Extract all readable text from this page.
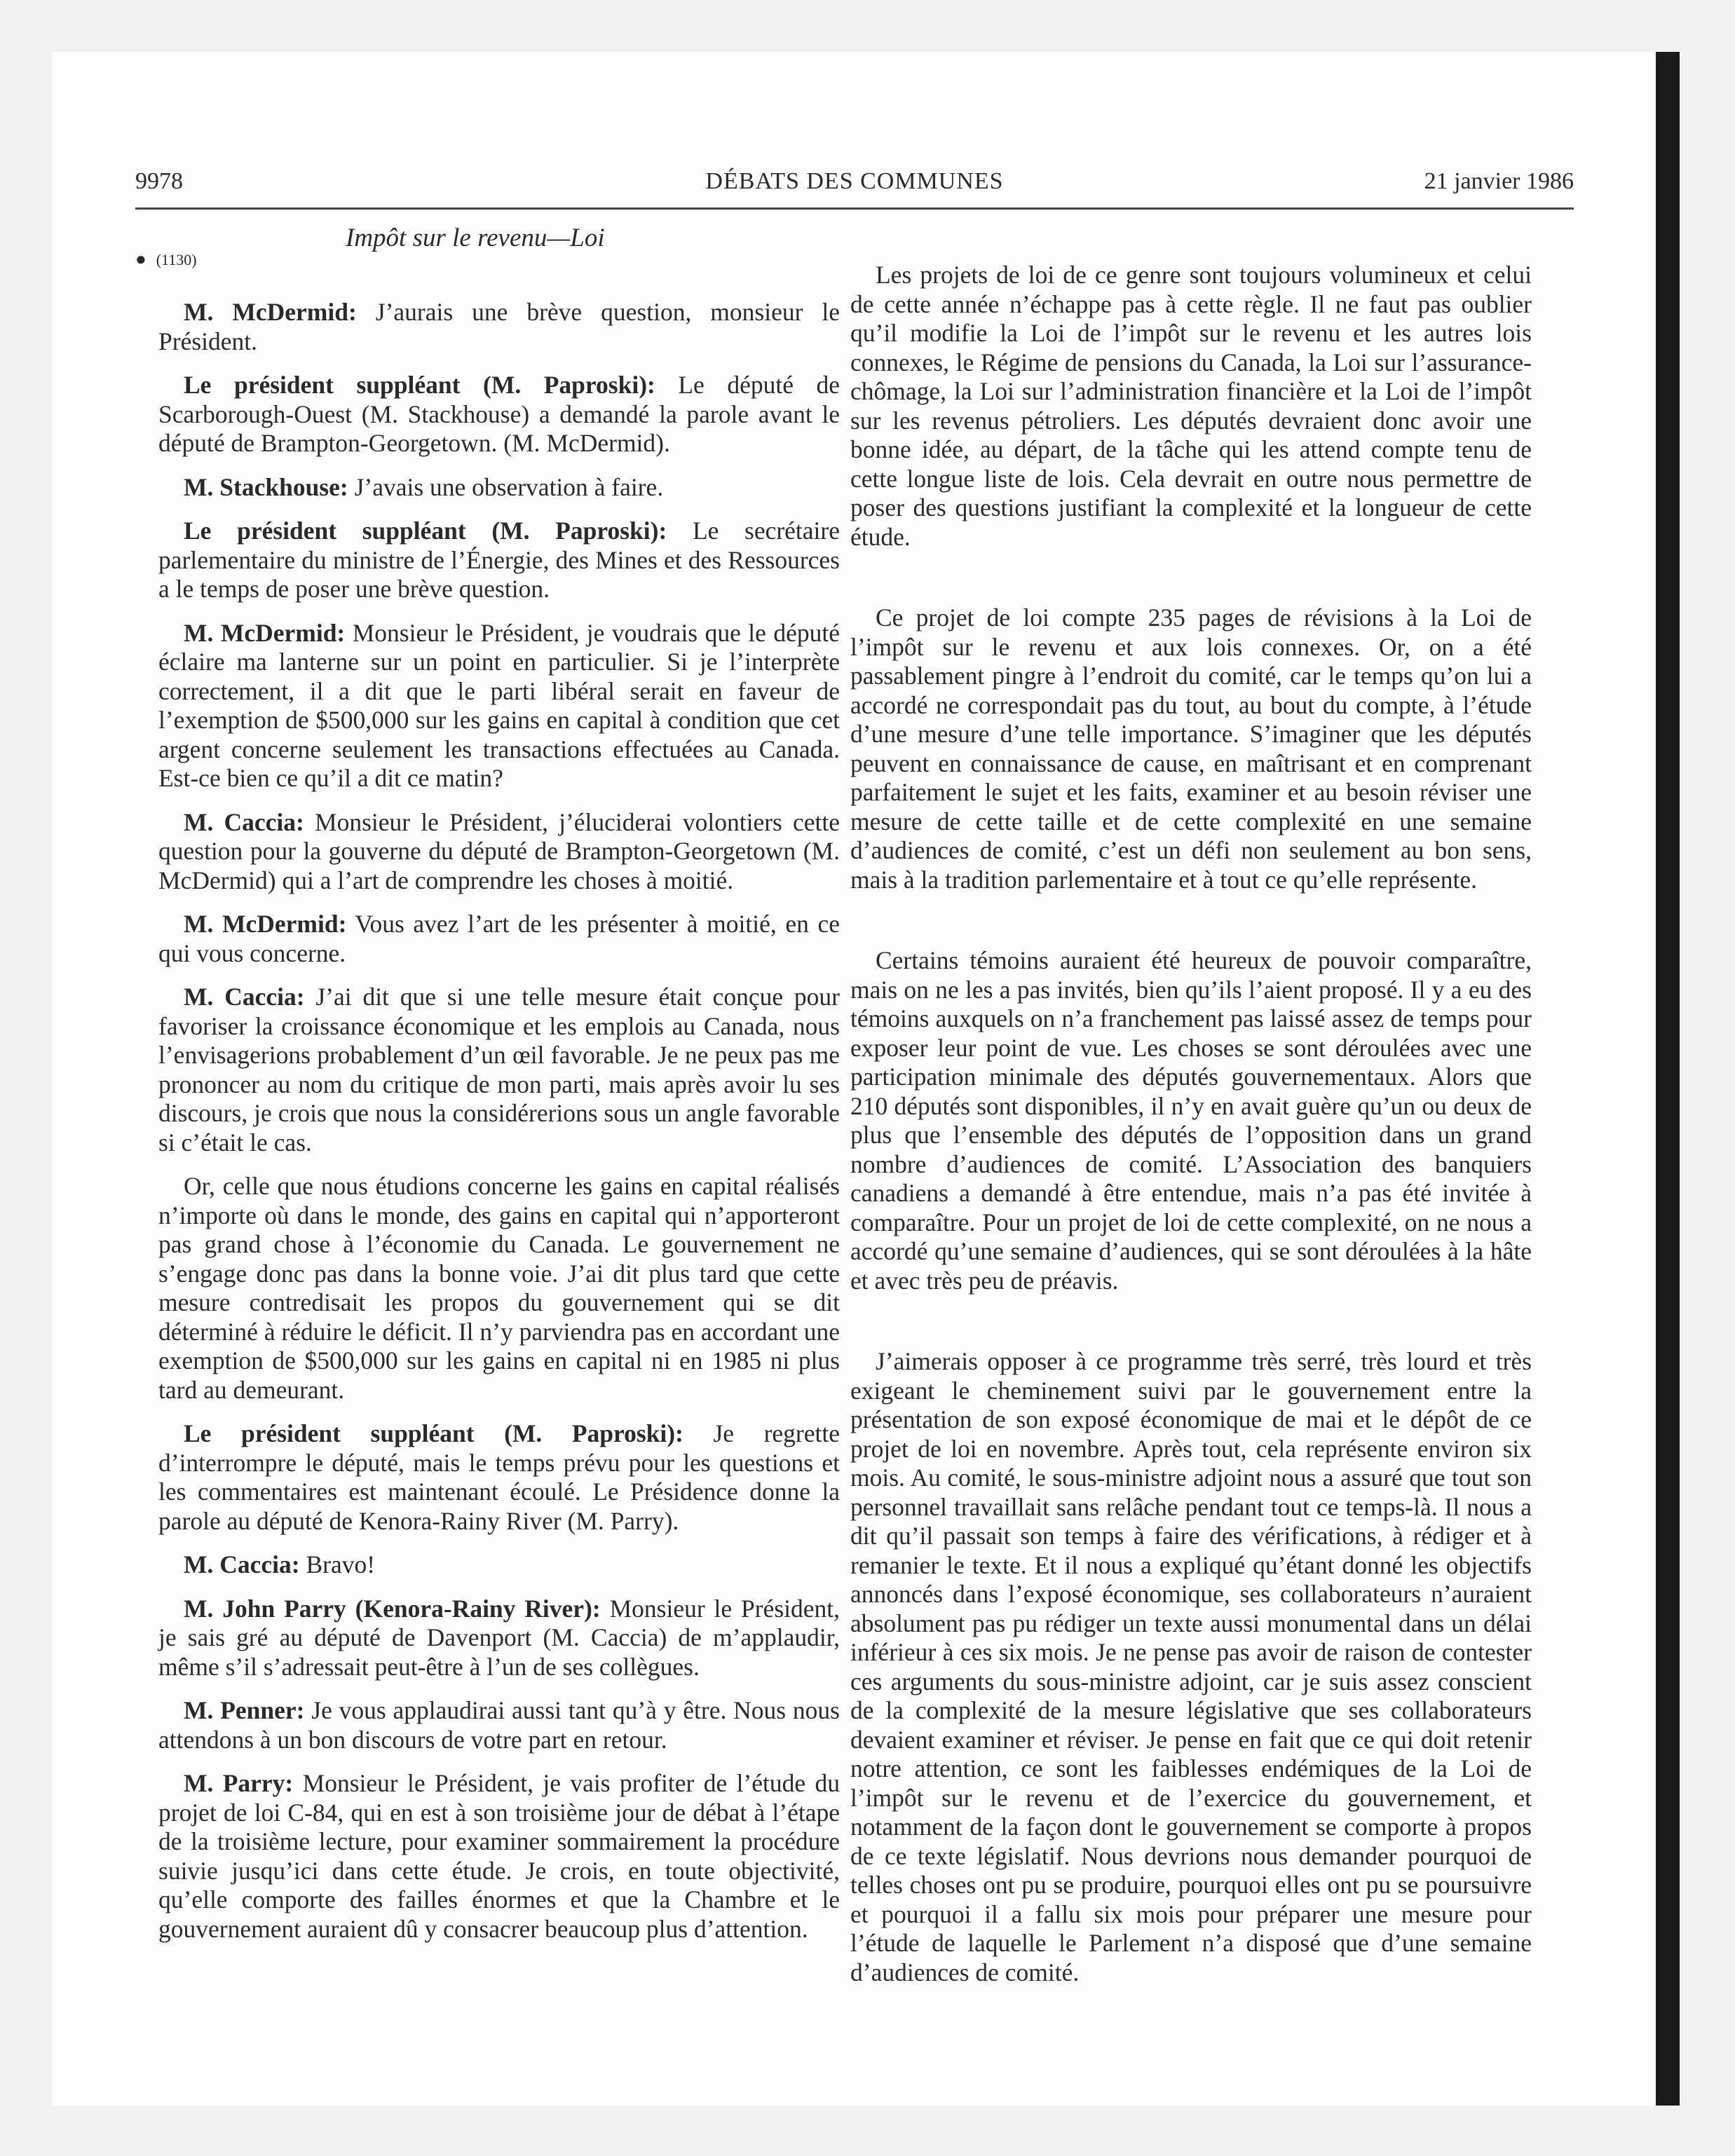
9978	DÉBATS DES COMMUNES	21 janvier 1986
Impôt sur le revenu—Loi
● (1130)

M. McDermid: J’aurais une brève question, monsieur le Président.

Le président suppléant (M. Paproski): Le député de Scarborough-Ouest (M. Stackhouse) a demandé la parole avant le député de Brampton-Georgetown. (M. McDermid).

M. Stackhouse: J’avais une observation à faire.

Le président suppléant (M. Paproski): Le secrétaire parlementaire du ministre de l’Énergie, des Mines et des Ressources a le temps de poser une brève question.

M. McDermid: Monsieur le Président, je voudrais que le député éclaire ma lanterne sur un point en particulier. Si je l’interprète correctement, il a dit que le parti libéral serait en faveur de l’exemption de $500,000 sur les gains en capital à condition que cet argent concerne seulement les transactions effectuées au Canada. Est-ce bien ce qu’il a dit ce matin?

M. Caccia: Monsieur le Président, j’éluciderai volontiers cette question pour la gouverne du député de Brampton-Georgetown (M. McDermid) qui a l’art de comprendre les choses à moitié.

M. McDermid: Vous avez l’art de les présenter à moitié, en ce qui vous concerne.

M. Caccia: J’ai dit que si une telle mesure était conçue pour favoriser la croissance économique et les emplois au Canada, nous l’envisagerions probablement d’un œil favorable. Je ne peux pas me prononcer au nom du critique de mon parti, mais après avoir lu ses discours, je crois que nous la considérerions sous un angle favorable si c’était le cas.

Or, celle que nous étudions concerne les gains en capital réalisés n’importe où dans le monde, des gains en capital qui n’apporteront pas grand chose à l’économie du Canada. Le gouvernement ne s’engage donc pas dans la bonne voie. J’ai dit plus tard que cette mesure contredisait les propos du gouvernement qui se dit déterminé à réduire le déficit. Il n’y parviendra pas en accordant une exemption de $500,000 sur les gains en capital ni en 1985 ni plus tard au demeurant.

Le président suppléant (M. Paproski): Je regrette d’interrompre le député, mais le temps prévu pour les questions et les commentaires est maintenant écoulé. Le Présidence donne la parole au député de Kenora-Rainy River (M. Parry).

M. Caccia: Bravo!

M. John Parry (Kenora-Rainy River): Monsieur le Président, je sais gré au député de Davenport (M. Caccia) de m’applaudir, même s’il s’adressait peut-être à l’un de ses collègues.

M. Penner: Je vous applaudirai aussi tant qu’à y être. Nous nous attendons à un bon discours de votre part en retour.

M. Parry: Monsieur le Président, je vais profiter de l’étude du projet de loi C-84, qui en est à son troisième jour de débat à l’étape de la troisième lecture, pour examiner sommairement la procédure suivie jusqu’ici dans cette étude. Je crois, en toute objectivité, qu’elle comporte des failles énormes et que la Chambre et le gouvernement auraient dû y consacrer beaucoup plus d’attention.

Les projets de loi de ce genre sont toujours volumineux et celui de cette année n’échappe pas à cette règle. Il ne faut pas oublier qu’il modifie la Loi de l’impôt sur le revenu et les autres lois connexes, le Régime de pensions du Canada, la Loi sur l’assurance-chômage, la Loi sur l’administration financière et la Loi de l’impôt sur les revenus pétroliers. Les députés devraient donc avoir une bonne idée, au départ, de la tâche qui les attend compte tenu de cette longue liste de lois. Cela devrait en outre nous permettre de poser des questions justifiant la complexité et la longueur de cette étude.

Ce projet de loi compte 235 pages de révisions à la Loi de l’impôt sur le revenu et aux lois connexes. Or, on a été passablement pingre à l’endroit du comité, car le temps qu’on lui a accordé ne correspondait pas du tout, au bout du compte, à l’étude d’une mesure d’une telle importance. S’imaginer que les députés peuvent en connaissance de cause, en maîtrisant et en comprenant parfaitement le sujet et les faits, examiner et au besoin réviser une mesure de cette taille et de cette complexité en une semaine d’audiences de comité, c’est un défi non seulement au bon sens, mais à la tradition parlementaire et à tout ce qu’elle représente.

Certains témoins auraient été heureux de pouvoir comparaître, mais on ne les a pas invités, bien qu’ils l’aient proposé. Il y a eu des témoins auxquels on n’a franchement pas laissé assez de temps pour exposer leur point de vue. Les choses se sont déroulées avec une participation minimale des députés gouvernementaux. Alors que 210 députés sont disponibles, il n’y en avait guère qu’un ou deux de plus que l’ensemble des députés de l’opposition dans un grand nombre d’audiences de comité. L’Association des banquiers canadiens a demandé à être entendue, mais n’a pas été invitée à comparaître. Pour un projet de loi de cette complexité, on ne nous a accordé qu’une semaine d’audiences, qui se sont déroulées à la hâte et avec très peu de préavis.

J’aimerais opposer à ce programme très serré, très lourd et très exigeant le cheminement suivi par le gouvernement entre la présentation de son exposé économique de mai et le dépôt de ce projet de loi en novembre. Après tout, cela représente environ six mois. Au comité, le sous-ministre adjoint nous a assuré que tout son personnel travaillait sans relâche pendant tout ce temps-là. Il nous a dit qu’il passait son temps à faire des vérifications, à rédiger et à remanier le texte. Et il nous a expliqué qu’étant donné les objectifs annoncés dans l’exposé économique, ses collaborateurs n’auraient absolument pas pu rédiger un texte aussi monumental dans un délai inférieur à ces six mois. Je ne pense pas avoir de raison de contester ces arguments du sous-ministre adjoint, car je suis assez conscient de la complexité de la mesure législative que ses collaborateurs devaient examiner et réviser. Je pense en fait que ce qui doit retenir notre attention, ce sont les faiblesses endémiques de la Loi de l’impôt sur le revenu et de l’exercice du gouvernement, et notamment de la façon dont le gouvernement se comporte à propos de ce texte législatif. Nous devrions nous demander pourquoi de telles choses ont pu se produire, pourquoi elles ont pu se poursuivre et pourquoi il a fallu six mois pour préparer une mesure pour l’étude de laquelle le Parlement n’a disposé que d’une semaine d’audiences de comité.
